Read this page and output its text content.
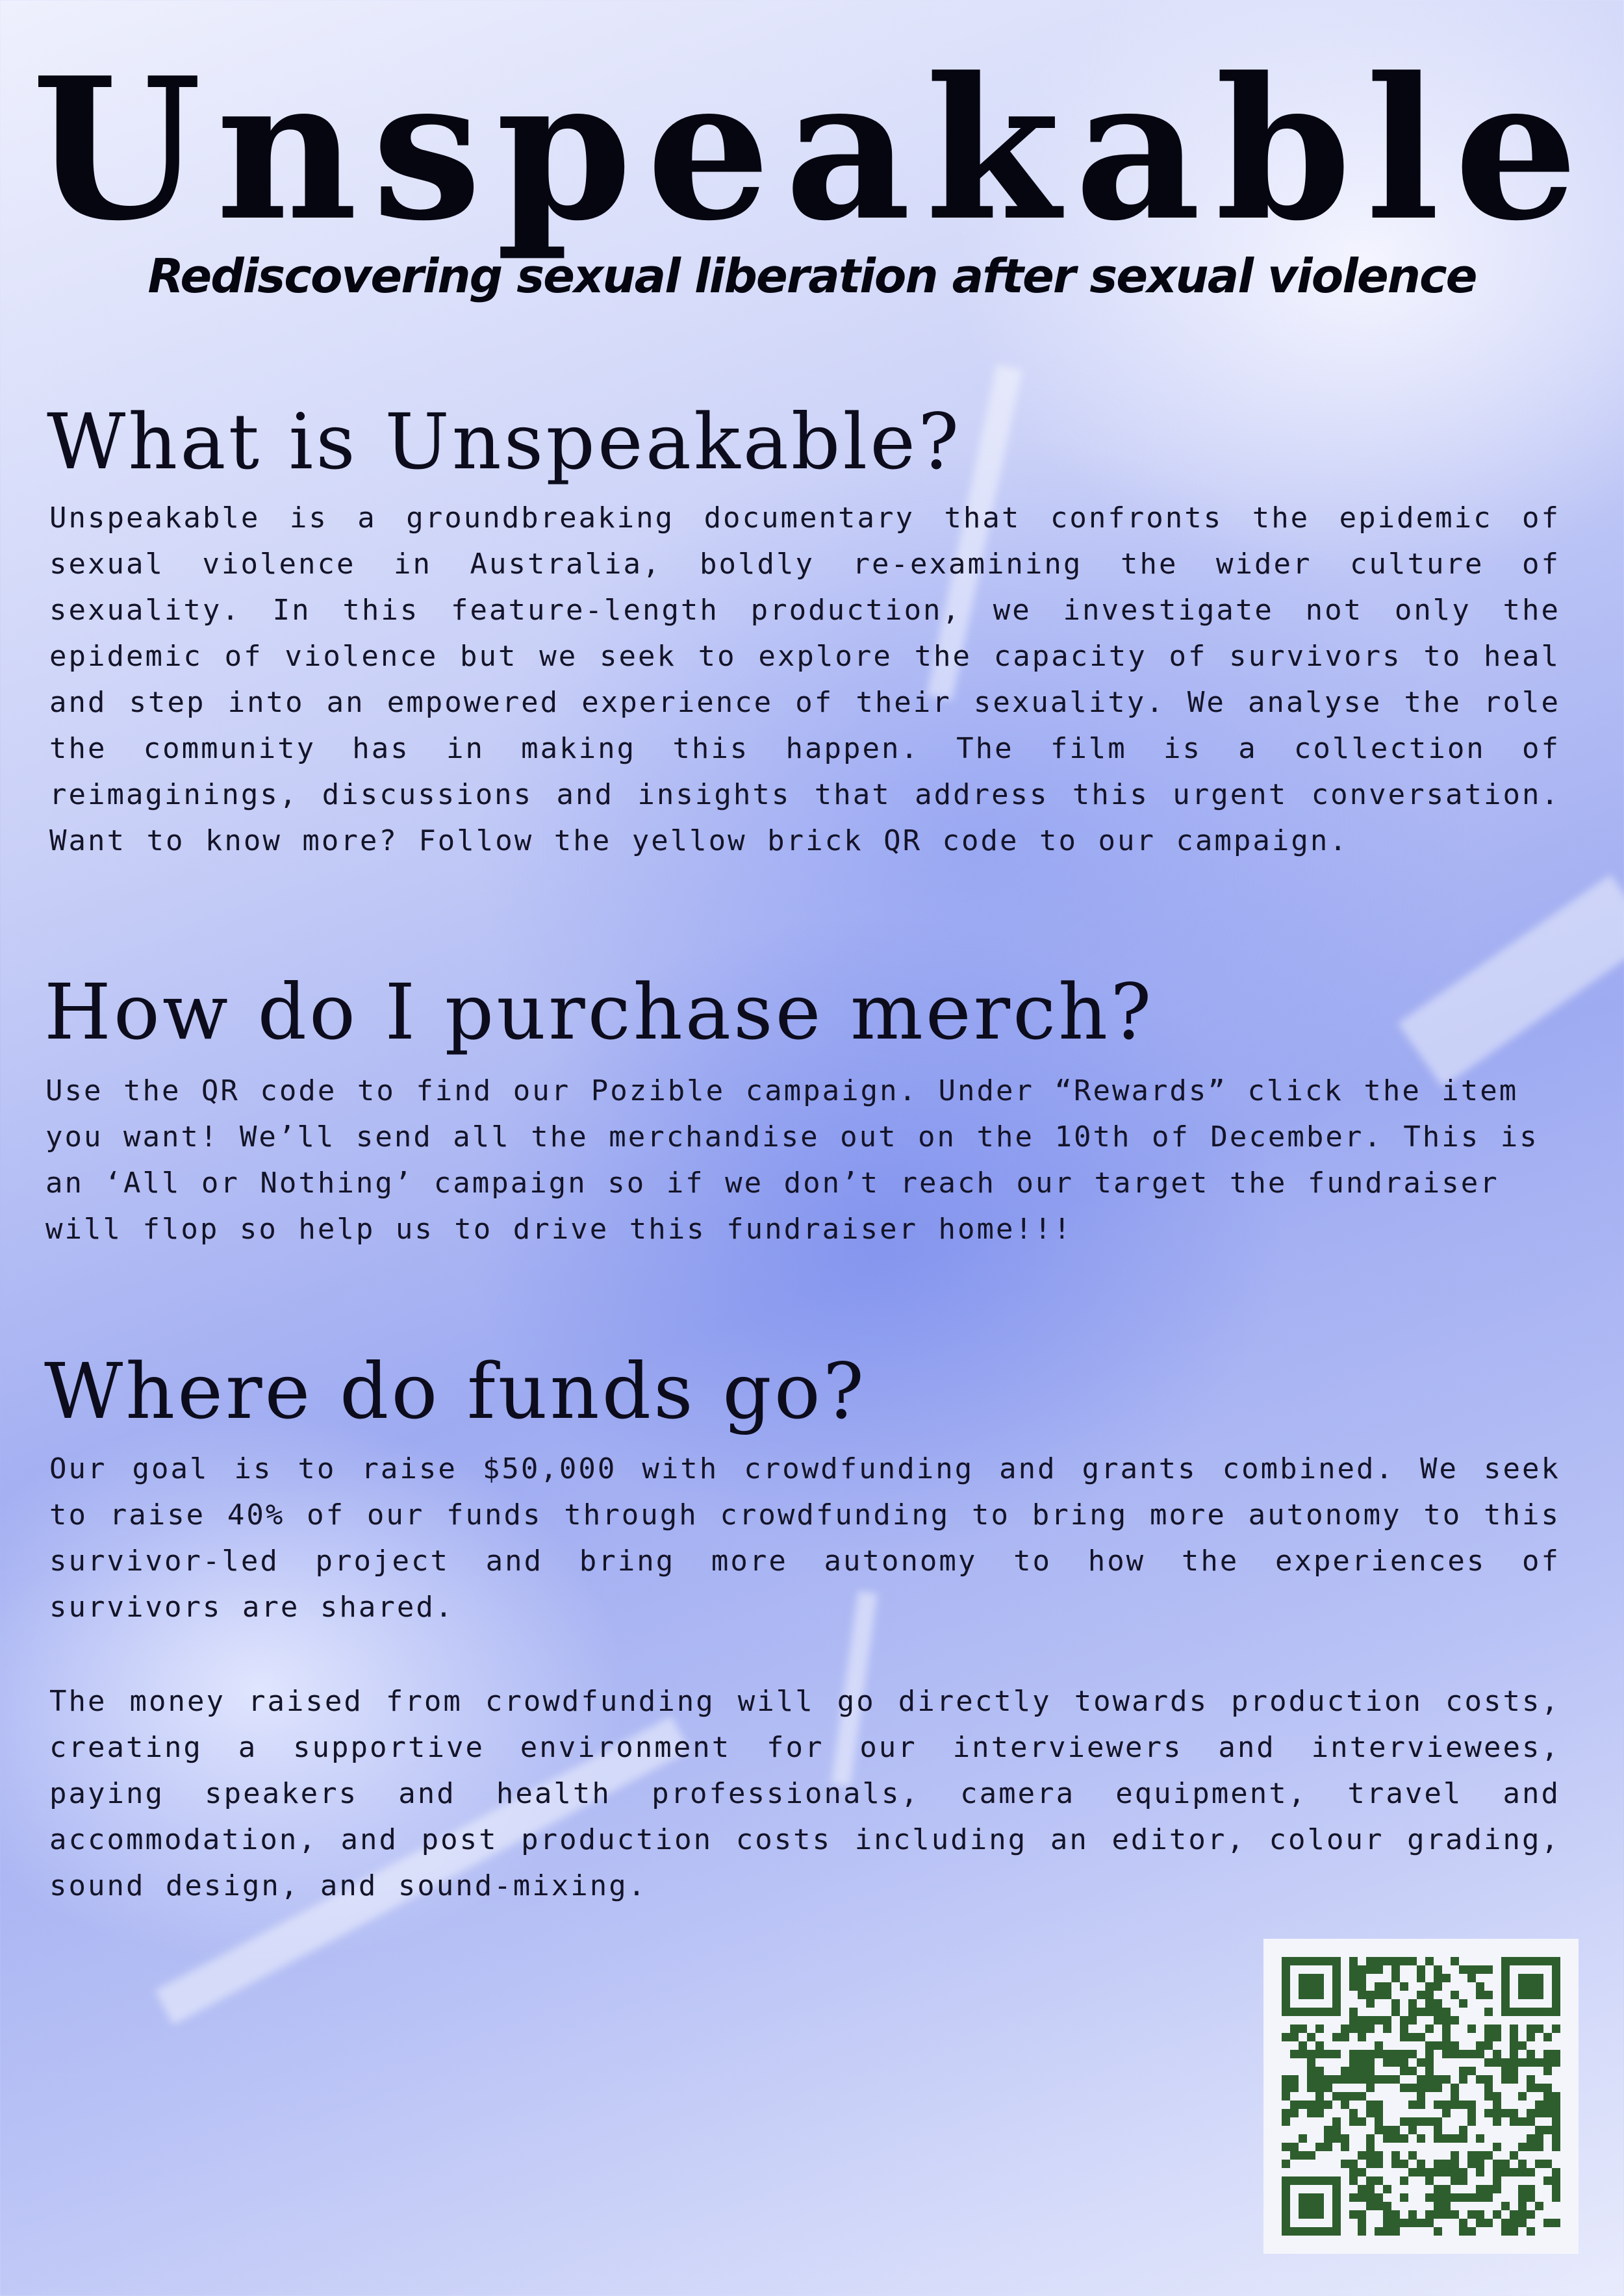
Unspeakable

Rediscovering sexual liberation after sexual violence

What is Unspeakable?

Unspeakable is a groundbreaking documentary that confronts the epidemic of sexual violence in Australia, boldly re-examining the wider culture of sexuality. In this feature-length production, we investigate not only the epidemic of violence but we seek to explore the capacity of survivors to heal and step into an empowered experience of their sexuality. We analyse the role the community has in making this happen. The film is a collection of reimaginings, discussions and insights that address this urgent conversation. Want to know more? Follow the yellow brick QR code to our campaign.

How do I purchase merch?

Use the QR code to find our Pozible campaign. Under “Rewards” click the item you want! We’ll send all the merchandise out on the 10th of December. This is an ‘All or Nothing’ campaign so if we don’t reach our target the fundraiser will flop so help us to drive this fundraiser home!!!

Where do funds go?

Our goal is to raise $50,000 with crowdfunding and grants combined. We seek to raise 40% of our funds through crowdfunding to bring more autonomy to this survivor-led project and bring more autonomy to how the experiences of survivors are shared.

The money raised from crowdfunding will go directly towards production costs, creating a supportive environment for our interviewers and interviewees, paying speakers and health professionals, camera equipment, travel and accommodation, and post production costs including an editor, colour grading, sound design, and sound-mixing.
